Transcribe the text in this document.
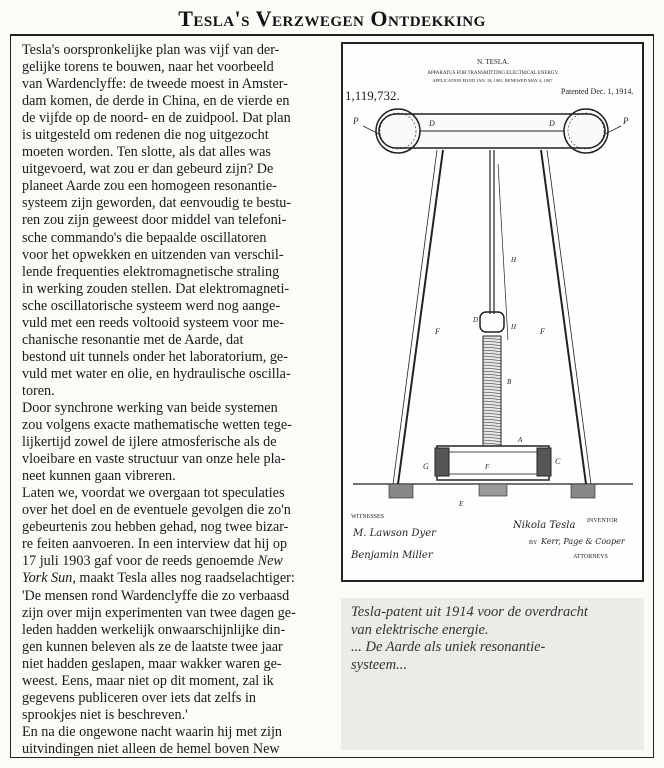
Tesla's Verzwegen Ontdekking
Tesla's oorspronkelijke plan was vijf van der-
gelijke torens te bouwen, naar het voorbeeld
van Wardenclyffe: de tweede moest in Amster-
dam komen, de derde in China, en de vierde en
de vijfde op de noord- en de zuidpool. Dat plan
is uitgesteld om redenen die nog uitgezocht
moeten worden. Ten slotte, als dat alles was
uitgevoerd, wat zou er dan gebeurd zijn? De
planeet Aarde zou een homogeen resonantie-
systeem zijn geworden, dat eenvoudig te bestu-
ren zou zijn geweest door middel van telefoni-
sche commando's die bepaalde oscillatoren
voor het opwekken en uitzenden van verschil-
lende frequenties elektromagnetische straling
in werking zouden stellen. Dat elektromagneti-
sche oscillatorische systeem werd nog aange-
vuld met een reeds voltooid systeem voor me-
chanische resonantie met de Aarde, dat
bestond uit tunnels onder het laboratorium, ge-
vuld met water en olie, en hydraulische oscilla-
toren.
Door synchrone werking van beide systemen
zou volgens exacte mathematische wetten tege-
lijkertijd zowel de ijlere atmosferische als de
vloeibare en vaste structuur van onze hele pla-
neet kunnen gaan vibreren.
Laten we, voordat we overgaan tot speculaties
over het doel en de eventuele gevolgen die zo'n
gebeurtenis zou hebben gehad, nog twee bizar-
re feiten aanvoeren. In een interview dat hij op
17 juli 1903 gaf voor de reeds genoemde New
York Sun, maakt Tesla alles nog raadselachtiger:
'De mensen rond Wardenclyffe die zo verbaasd
zijn over mijn experimenten van twee dagen ge-
leden hadden werkelijk onwaarschijnlijke din-
gen kunnen beleven als ze de laatste twee jaar
niet hadden geslapen, maar wakker waren ge-
weest. Eens, maar niet op dit moment, zal ik
gegevens publiceren over iets dat zelfs in
sprookjes niet is beschreven.'
En na die ongewone nacht waarin hij met zijn
uitvindingen niet alleen de hemel boven New
N. TESLA.
APPARATUS FOR TRANSMITTING ELECTRICAL ENERGY.
APPLICATION FILED JAN. 18, 1902. RENEWED MAY 4, 1907.
1,119,732.	Patented Dec. 1, 1914.
P	P
D	D
F	F
H
D
H
B
A
G
C
F
E
WITNESSES
M. Lawson Dyer
Benjamin Miller
INVENTOR
Nikola Tesla
BY Kerr, Page & Cooper
ATTORNEYS
Tesla-patent uit 1914 voor de overdracht
van elektrische energie.
... De Aarde als uniek resonantie-
systeem...
